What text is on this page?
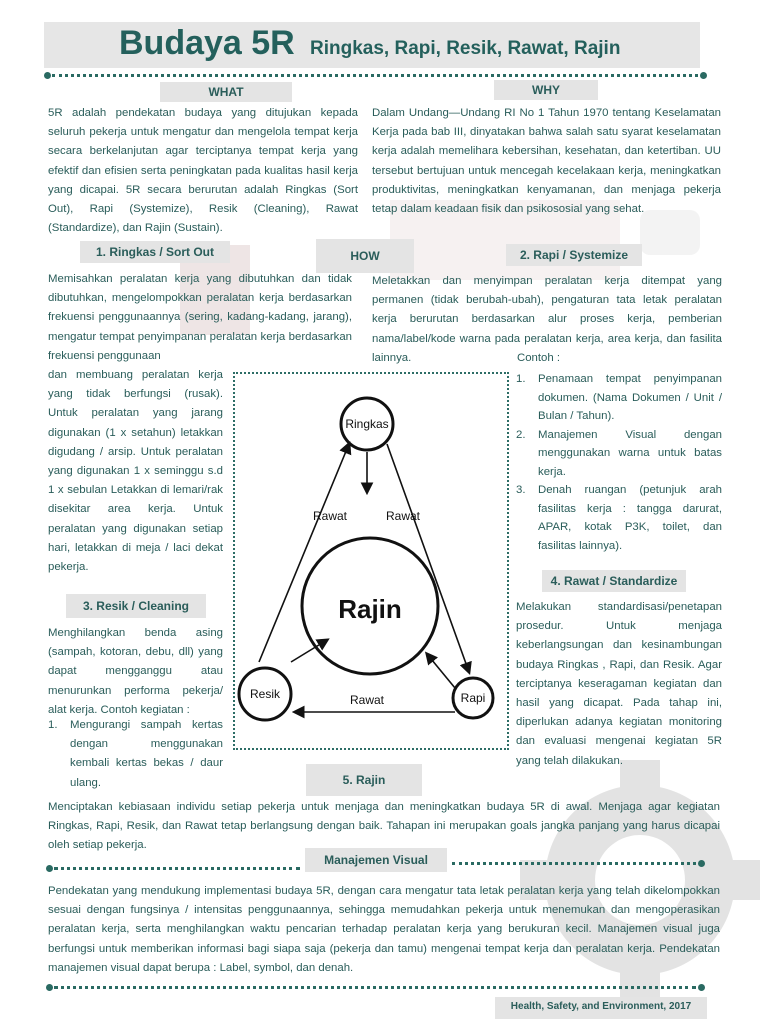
Budaya 5R Ringkas, Rapi, Resik, Rawat, Rajin
WHAT
5R adalah pendekatan budaya yang ditujukan kepada seluruh pekerja untuk mengatur dan mengelola tempat kerja secara berkelanjutan agar terciptanya tempat kerja yang efektif dan efisien serta peningkatan pada kualitas hasil kerja yang dicapai. 5R secara berurutan adalah Ringkas (Sort Out), Rapi (Systemize), Resik (Cleaning), Rawat (Standardize), dan Rajin (Sustain).
WHY
Dalam Undang—Undang RI No 1 Tahun 1970 tentang Keselamatan Kerja pada bab III, dinyatakan bahwa salah satu syarat keselamatan kerja adalah memelihara kebersihan, kesehatan, dan ketertiban. UU tersebut bertujuan untuk mencegah kecelakaan kerja, meningkatkan produktivitas, meningkatkan kenyamanan, dan menjaga pekerja tetap dalam keadaan fisik dan psikososial yang sehat.
1. Ringkas / Sort Out	HOW	2. Rapi / Systemize
Memisahkan peralatan kerja yang dibutuhkan dan tidak dibutuhkan, mengelompokkan peralatan kerja berdasarkan frekuensi penggunaannya (sering, kadang-kadang, jarang), mengatur tempat penyimpanan peralatan kerja berdasarkan frekuensi penggunaan
dan membuang peralatan kerja yang tidak berfungsi (rusak). Untuk peralatan yang jarang digunakan (1 x setahun) letakkan digudang / arsip. Untuk peralatan yang digunakan 1 x seminggu s.d 1 x sebulan Letakkan di lemari/rak disekitar area kerja. Untuk peralatan yang digunakan setiap hari, letakkan di meja / laci dekat pekerja.
Meletakkan dan menyimpan peralatan kerja ditempat yang permanen (tidak berubah-ubah), pengaturan tata letak peralatan kerja berurutan berdasarkan alur proses kerja, pemberian nama/label/kode warna pada peralatan kerja, area kerja, dan fasilita lainnya.	Contoh :
1.	Penamaan tempat penyimpanan dokumen. (Nama Dokumen / Unit / Bulan / Tahun).
2.	Manajemen Visual dengan menggunakan warna untuk batas kerja.
3.	Denah ruangan (petunjuk arah fasilitas kerja : tangga darurat, APAR, kotak P3K, toilet, dan fasilitas lainnya).
Rajin
Ringkas
Resik	Rapi
Rawat	Rawat
Rawat
3. Resik / Cleaning
Menghilangkan benda asing (sampah, kotoran, debu, dll) yang dapat mengganggu atau menurunkan performa pekerja/ alat kerja. Contoh kegiatan :
1.	Mengurangi sampah kertas dengan menggunakan kembali kertas bekas / daur ulang.
4. Rawat / Standardize
Melakukan standardisasi/penetapan prosedur. Untuk menjaga keberlangsungan dan kesinambungan budaya Ringkas , Rapi, dan Resik. Agar terciptanya keseragaman kegiatan dan hasil yang dicapat. Pada tahap ini, diperlukan adanya kegiatan monitoring dan evaluasi mengenai kegiatan 5R yang telah dilakukan.
5. Rajin
Menciptakan kebiasaan individu setiap pekerja untuk menjaga dan meningkatkan budaya 5R di awal. Menjaga agar kegiatan Ringkas, Rapi, Resik, dan Rawat tetap berlangsung dengan baik. Tahapan ini merupakan goals jangka panjang yang harus dicapai oleh setiap pekerja.
Manajemen Visual
Pendekatan yang mendukung implementasi budaya 5R, dengan cara mengatur tata letak peralatan kerja yang telah dikelompokkan sesuai dengan fungsinya / intensitas penggunaannya, sehingga memudahkan pekerja untuk menemukan dan mengoperasikan peralatan kerja, serta menghilangkan waktu pencarian terhadap peralatan kerja yang berukuran kecil. Manajemen visual juga berfungsi untuk memberikan informasi bagi siapa saja (pekerja dan tamu) mengenai tempat kerja dan peralatan kerja. Pendekatan manajemen visual dapat berupa : Label, symbol, dan denah.
Health, Safety, and Environment, 2017
